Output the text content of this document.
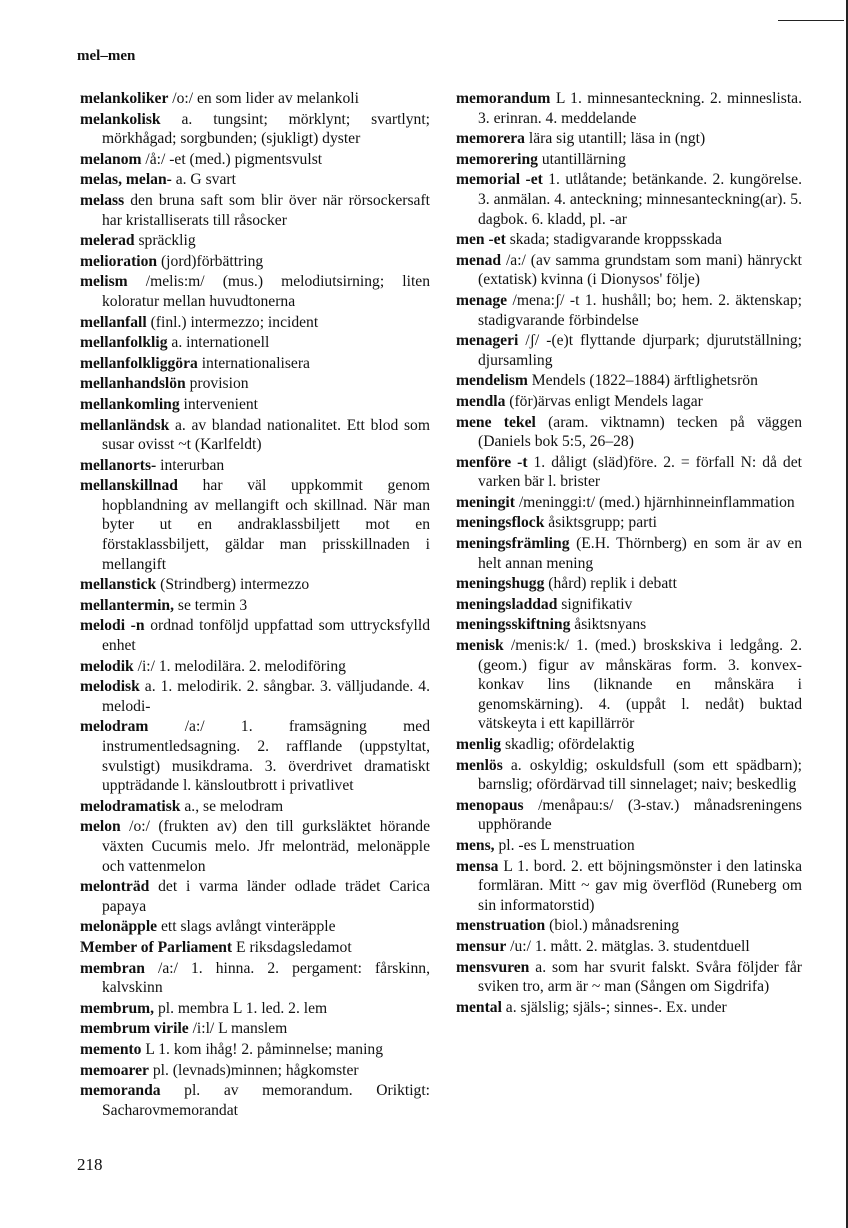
mel–men
melankoliker /o:/ en som lider av melankoli
melankolisk a. tungsint; mörklynt; svartlynt; mörkhågad; sorgbunden; (sjukligt) dyster
melanom /å:/ -et (med.) pigmentsvulst
melas, melan- a. G svart
melass den bruna saft som blir över när rörsockersaft har kristalliserats till råsocker
melerad spräcklig
melioration (jord)förbättring
melism /melis:m/ (mus.) melodiutsirning; liten koloratur mellan huvudtonerna
mellanfall (finl.) intermezzo; incident
mellanfolklig a. internationell
mellanfolkliggöra internationalisera
mellanhandslön provision
mellankomling intervenient
mellanländsk a. av blandad nationalitet. Ett blod som susar ovisst ~t (Karlfeldt)
mellanorts- interurban
mellanskillnad har väl uppkommit genom hopblandning av mellangift och skillnad. När man byter ut en andraklassbiljett mot en förstaklassbiljett, gäldar man prisskillnaden i mellangift
mellanstick (Strindberg) intermezzo
mellantermin, se termin 3
melodi -n ordnad tonföljd uppfattad som uttrycksfylld enhet
melodik /i:/ 1. melodilära. 2. melodiföring
melodisk a. 1. melodirik. 2. sångbar. 3. välljudande. 4. melodi-
melodram /a:/ 1. framsägning med instrumentledsagning. 2. rafflande (uppstyltat, svulstigt) musikdrama. 3. överdrivet dramatiskt uppträdande l. känsloutbrott i privatlivet
melodramatisk a., se melodram
melon /o:/ (frukten av) den till gurksläktet hörande växten Cucumis melo. Jfr melonträd, melonäpple och vattenmelon
melonträd det i varma länder odlade trädet Carica papaya
melonäpple ett slags avlångt vinteräpple
Member of Parliament E riksdagsledamot
membran /a:/ 1. hinna. 2. pergament: fårskinn, kalvskinn
membrum, pl. membra L 1. led. 2. lem
membrum virile /i:l/ L manslem
memento L 1. kom ihåg! 2. påminnelse; maning
memoarer pl. (levnads)minnen; hågkomster
memoranda pl. av memorandum. Oriktigt: Sacharovmemorandat
memorandum L 1. minnesanteckning. 2. minneslista. 3. erinran. 4. meddelande
memorera lära sig utantill; läsa in (ngt)
memorering utantillärning
memorial -et 1. utlåtande; betänkande. 2. kungörelse. 3. anmälan. 4. anteckning; minnesanteckning(ar). 5. dagbok. 6. kladd, pl. -ar
men -et skada; stadigvarande kroppsskada
menad /a:/ (av samma grundstam som mani) hänryckt (extatisk) kvinna (i Dionysos' följe)
menage /mena:ʃ/ -t 1. hushåll; bo; hem. 2. äktenskap; stadigvarande förbindelse
menageri /ʃ/ -(e)t flyttande djurpark; djurutställning; djursamling
mendelism Mendels (1822–1884) ärftlighetsrön
mendla (för)ärvas enligt Mendels lagar
mene tekel (aram. viktnamn) tecken på väggen (Daniels bok 5:5, 26–28)
menföre -t 1. dåligt (släd)före. 2. = förfall N: då det varken bär l. brister
meningit /meninggi:t/ (med.) hjärnhinneinflammation
meningsflock åsiktsgrupp; parti
meningsfrämling (E.H. Thörnberg) en som är av en helt annan mening
meningshugg (hård) replik i debatt
meningsladdad signifikativ
meningsskiftning åsiktsnyans
menisk /menis:k/ 1. (med.) broskskiva i ledgång. 2. (geom.) figur av månskäras form. 3. konvex-konkav lins (liknande en månskära i genomskärning). 4. (uppåt l. nedåt) buktad vätskeyta i ett kapillärrör
menlig skadlig; ofördelaktig
menlös a. oskyldig; oskuldsfull (som ett spädbarn); barnslig; ofördärvad till sinnelaget; naiv; beskedlig
menopaus /menåpau:s/ (3-stav.) månadsreningens upphörande
mens, pl. -es L menstruation
mensa L 1. bord. 2. ett böjningsmönster i den latinska formläran. Mitt ~ gav mig överflöd (Runeberg om sin informatorstid)
menstruation (biol.) månadsrening
mensur /u:/ 1. mått. 2. mätglas. 3. studentduell
mensvuren a. som har svurit falskt. Svåra följder får sviken tro, arm är ~ man (Sången om Sigdrifa)
mental a. själslig; själs-; sinnes-. Ex. under
218
